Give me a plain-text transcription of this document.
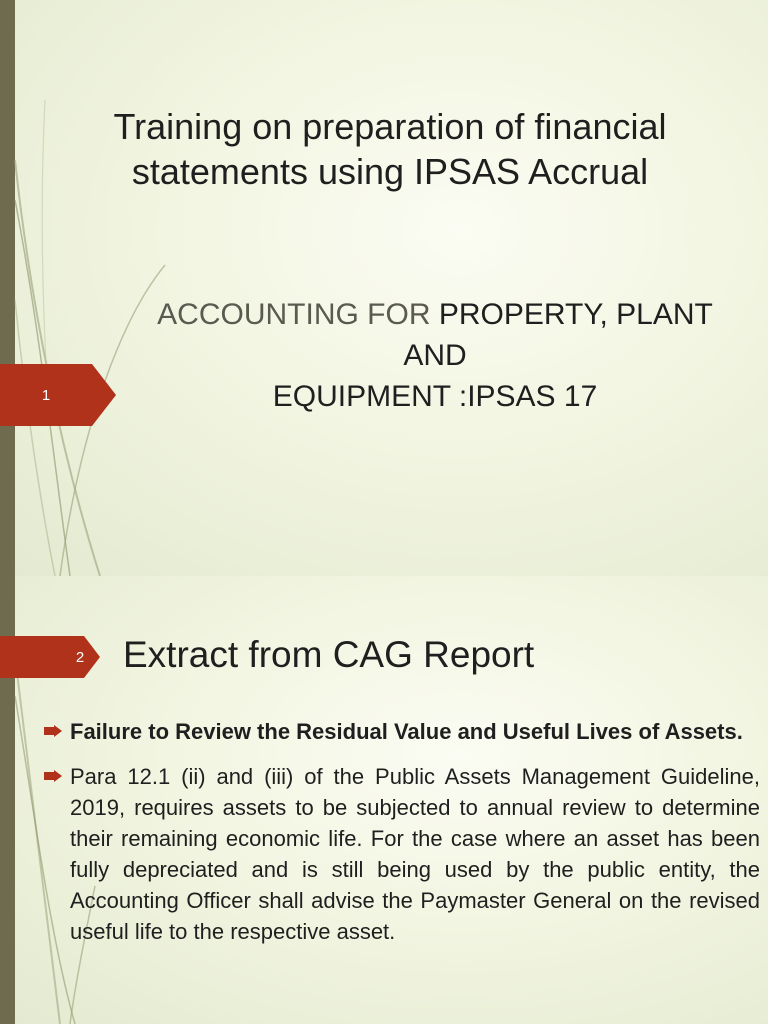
1
Training on preparation of financial statements using IPSAS Accrual
ACCOUNTING FOR PROPERTY, PLANT
AND
EQUIPMENT :IPSAS 17
2	Extract from CAG Report
Failure to Review the Residual Value and Useful Lives of Assets.
Para 12.1 (ii) and (iii) of the Public Assets Management Guideline, 2019, requires assets to be subjected to annual review to determine their remaining economic life. For the case where an asset has been fully depreciated and is still being used by the public entity, the Accounting Officer shall advise the Paymaster General on the revised useful life to the respective asset.
